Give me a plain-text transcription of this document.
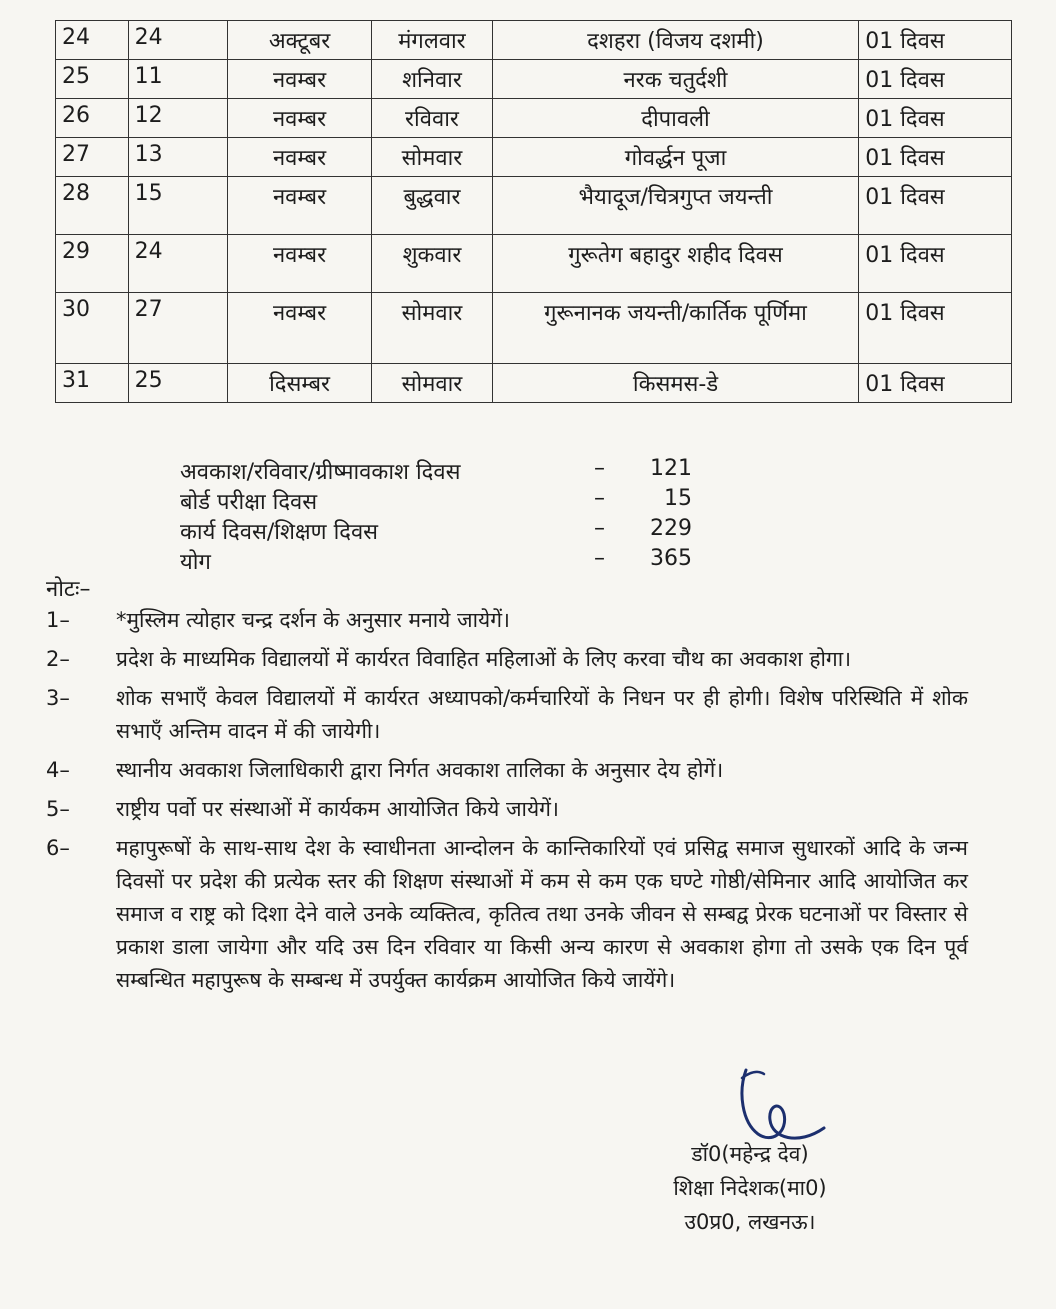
24	24	अक्टूबर	मंगलवार	दशहरा (विजय दशमी)	01 दिवस
25	11	नवम्बर	शनिवार	नरक चतुर्दशी	01 दिवस
26	12	नवम्बर	रविवार	दीपावली	01 दिवस
27	13	नवम्बर	सोमवार	गोवर्द्धन पूजा	01 दिवस
28	15	नवम्बर	बुद्धवार	भैयादूज/चित्रगुप्त जयन्ती	01 दिवस
29	24	नवम्बर	शुकवार	गुरूतेग बहादुर शहीद दिवस	01 दिवस
30	27	नवम्बर	सोमवार	गुरूनानक जयन्ती/कार्तिक पूर्णिमा	01 दिवस
31	25	दिसम्बर	सोमवार	किसमस-डे	01 दिवस
अवकाश/रविवार/ग्रीष्मावकाश दिवस	– 121
बोर्ड परीक्षा दिवस	–	15
कार्य दिवस/शिक्षण दिवस	– 229
योग	– 365
नोटः–
1– *मुस्लिम त्योहार चन्द्र दर्शन के अनुसार मनाये जायेगें।
2– प्रदेश के माध्यमिक विद्यालयों में कार्यरत विवाहित महिलाओं के लिए करवा चौथ का अवकाश होगा।
3– शोक सभाएँ केवल विद्यालयों में कार्यरत अध्यापको/कर्मचारियों के निधन पर ही होगी। विशेष परिस्थिति में शोक सभाएँ अन्तिम वादन में की जायेगी।
4– स्थानीय अवकाश जिलाधिकारी द्वारा निर्गत अवकाश तालिका के अनुसार देय होगें।
5– राष्ट्रीय पर्वो पर संस्थाओं में कार्यकम आयोजित किये जायेगें।
6– महापुरूषों के साथ-साथ देश के स्वाधीनता आन्दोलन के कान्तिकारियों एवं प्रसिद्व समाज सुधारकों आदि के जन्म दिवसों पर प्रदेश की प्रत्येक स्तर की शिक्षण संस्थाओं में कम से कम एक घण्टे गोष्ठी/सेमिनार आदि आयोजित कर समाज व राष्ट्र को दिशा देने वाले उनके व्यक्तित्व, कृतित्व तथा उनके जीवन से सम्बद्व प्रेरक घटनाओं पर विस्तार से प्रकाश डाला जायेगा और यदि उस दिन रविवार या किसी अन्य कारण से अवकाश होगा तो उसके एक दिन पूर्व सम्बन्धित महापुरूष के सम्बन्ध में उपर्युक्त कार्यक्रम आयोजित किये जायेंगे।
डॉ0(महेन्द्र देव)
शिक्षा निदेशक(मा0)
उ0प्र0, लखनऊ।
